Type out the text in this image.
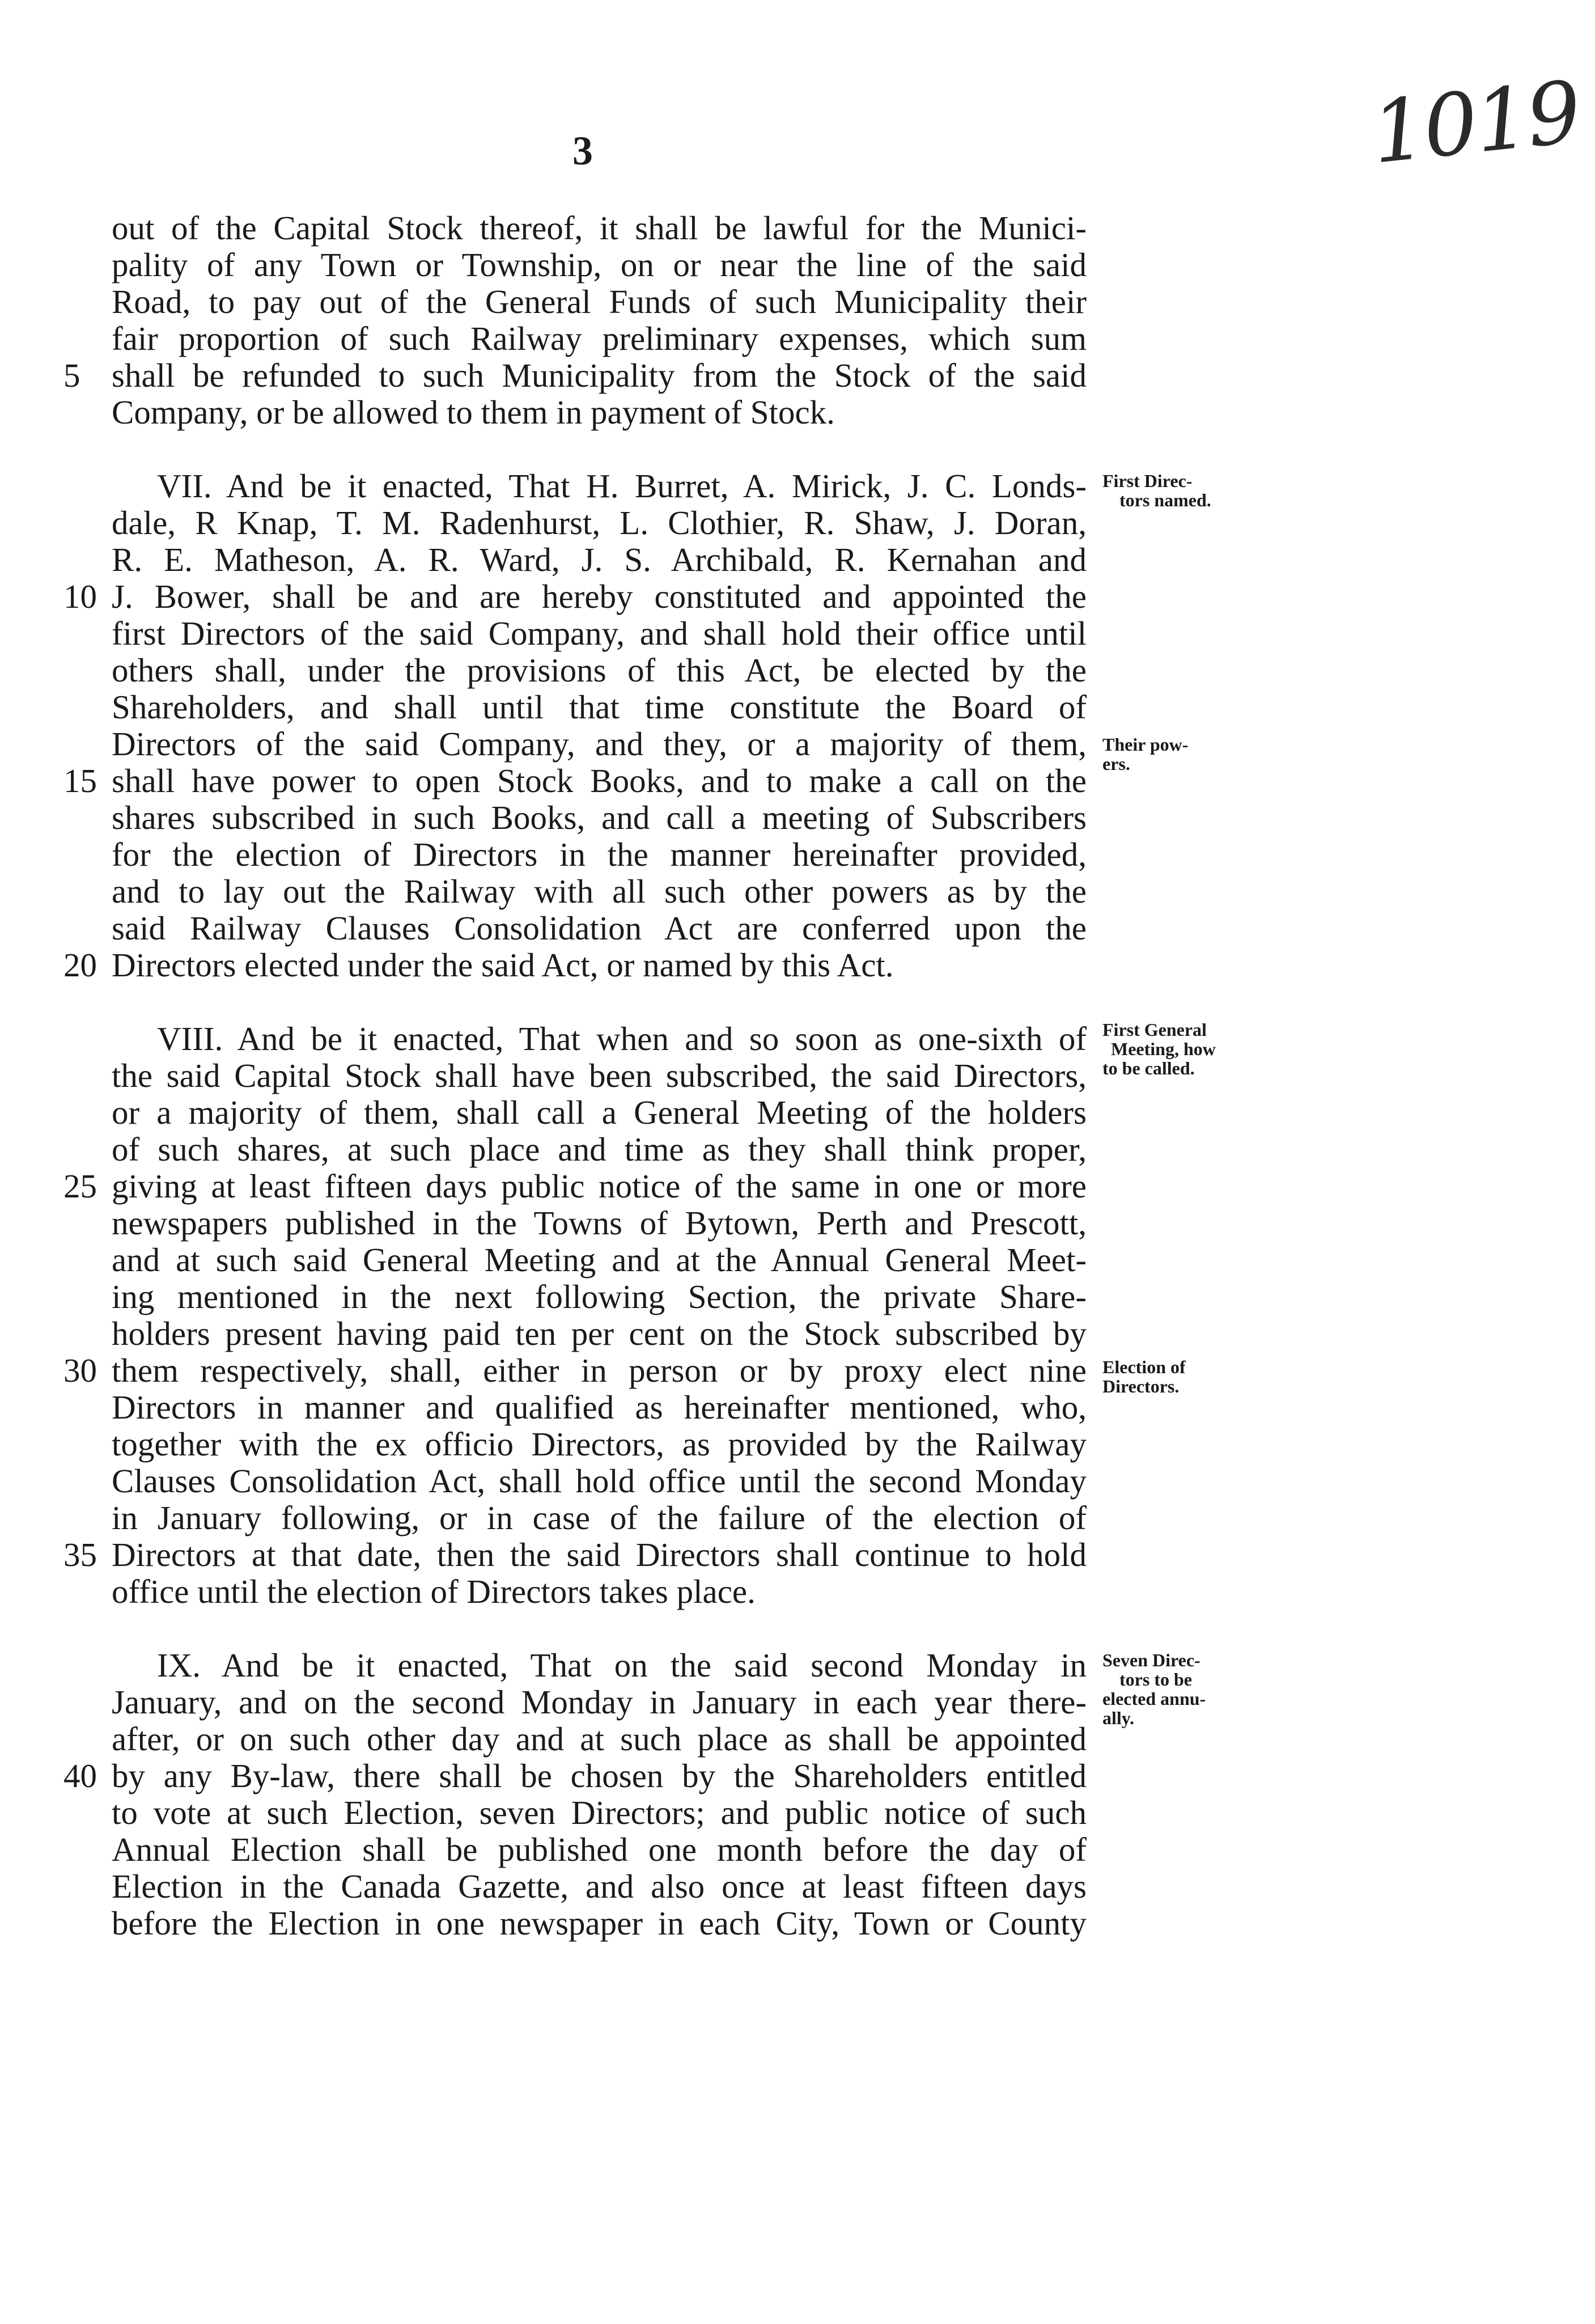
3	1019
out of the Capital Stock thereof, it shall be lawful for the Munici-
pality of any Town or Township, on or near the line of the said
Road, to pay out of the General Funds of such Municipality their
fair proportion of such Railway preliminary expenses, which sum
shall be refunded to such Municipality from the Stock of the said
Company, or be allowed to them in payment of Stock.
VII. And be it enacted, That H. Burret, A. Mirick, J. C. Londs-
dale, R Knap, T. M. Radenhurst, L. Clothier, R. Shaw, J. Doran,
R. E. Matheson, A. R. Ward, J. S. Archibald, R. Kernahan and
J. Bower, shall be and are hereby constituted and appointed the
first Directors of the said Company, and shall hold their office until
others shall, under the provisions of this Act, be elected by the
Shareholders, and shall until that time constitute the Board of
Directors of the said Company, and they, or a majority of them,
shall have power to open Stock Books, and to make a call on the
shares subscribed in such Books, and call a meeting of Subscribers
for the election of Directors in the manner hereinafter provided,
and to lay out the Railway with all such other powers as by the
said Railway Clauses Consolidation Act are conferred upon the
Directors elected under the said Act, or named by this Act.
VIII. And be it enacted, That when and so soon as one-sixth of
the said Capital Stock shall have been subscribed, the said Directors,
or a majority of them, shall call a General Meeting of the holders
of such shares, at such place and time as they shall think proper,
giving at least fifteen days public notice of the same in one or more
newspapers published in the Towns of Bytown, Perth and Prescott,
and at such said General Meeting and at the Annual General Meet-
ing mentioned in the next following Section, the private Share-
holders present having paid ten per cent on the Stock subscribed by
them respectively, shall, either in person or by proxy elect nine
Directors in manner and qualified as hereinafter mentioned, who,
together with the ex officio Directors, as provided by the Railway
Clauses Consolidation Act, shall hold office until the second Monday
in January following, or in case of the failure of the election of
Directors at that date, then the said Directors shall continue to hold
office until the election of Directors takes place.
IX. And be it enacted, That on the said second Monday in
January, and on the second Monday in January in each year there-
after, or on such other day and at such place as shall be appointed
by any By-law, there shall be chosen by the Shareholders entitled
to vote at such Election, seven Directors; and public notice of such
Annual Election shall be published one month before the day of
Election in the Canada Gazette, and also once at least fifteen days
before the Election in one newspaper in each City, Town or County
5
10
15
20
25
30
35
40
First Direc-
tors named.
Their pow-
ers.
First General
Meeting, how
to be called.
Election of
Directors.
Seven Direc-
tors to be
elected annu-
ally.
